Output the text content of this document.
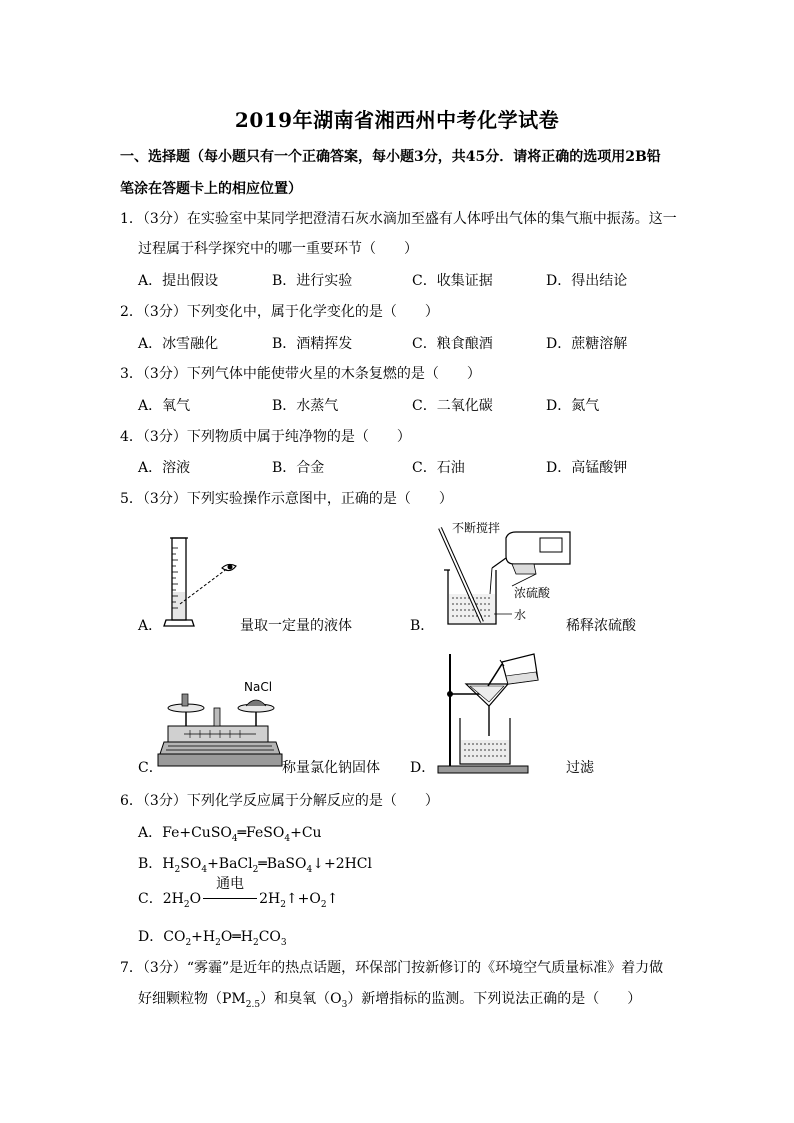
2019年湖南省湘西州中考化学试卷
一、选择题（每小题只有一个正确答案，每小题3分，共45分．请将正确的选项用2B铅
笔涂在答题卡上的相应位置）
1．（3分）在实验室中某同学把澄清石灰水滴加至盛有人体呼出气体的集气瓶中振荡。这一
过程属于科学探究中的哪一重要环节（　　）
A．提出假设	B．进行实验	C．收集证据	D．得出结论
2．（3分）下列变化中，属于化学变化的是（　　）
A．冰雪融化	B．酒精挥发	C．粮食酿酒	D．蔗糖溶解
3．（3分）下列气体中能使带火星的木条复燃的是（　　）
A．氧气	B．水蒸气	C．二氧化碳	D．氮气
4．（3分）下列物质中属于纯净物的是（　　）
A．溶液	B．合金	C．石油	D．高锰酸钾
5．（3分）下列实验操作示意图中，正确的是（　　）
A．	量取一定量的液体
不断搅拌
浓硫酸
水
B．	稀释浓硫酸
NaCl
C．	称量氯化钠固体 D．	过滤
6．（3分）下列化学反应属于分解反应的是（　　）
A．Fe+CuSO$_4$═FeSO$_4$+Cu
B．$H_2SO_4+BaCl_2═BaSO_4↓+2HCl$
C．$2H_2O$
通电
$2H_2↑+O_2↑$
D．$CO_2+H_2O═H_2CO_3$
7．（3分）“雾霾”是近年的热点话题，环保部门按新修订的《环境空气质量标准》着力做
好细颗粒物$(PM_{2.5})$和臭氧$(O_3)$新增指标的监测。下列说法正确的是（　　）
